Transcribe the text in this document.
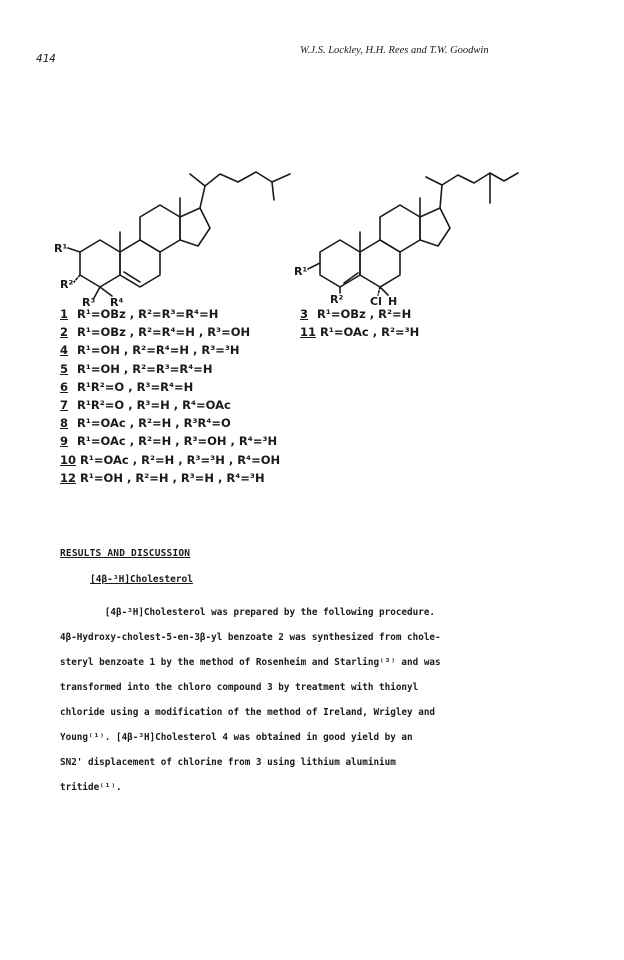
414
W.J.S. Lockley, H.H. Rees and T.W. Goodwin
R¹
R²
R³ R⁴
R¹
R² Cl H
1 R¹=OBz , R²=R³=R⁴=H
2 R¹=OBz , R²=R⁴=H , R³=OH
4 R¹=OH , R²=R⁴=H , R³=³H
5 R¹=OH , R²=R³=R⁴=H
6 R¹R²=O , R³=R⁴=H
7 R¹R²=O , R³=H , R⁴=OAc
8 R¹=OAc , R²=H , R³R⁴=O
9 R¹=OAc , R²=H , R³=OH , R⁴=³H
10 R¹=OAc , R²=H , R³=³H , R⁴=OH
12 R¹=OH , R²=H , R³=H , R⁴=³H
3 R¹=OBz , R²=H
11 R¹=OAc , R²=³H
RESULTS AND DISCUSSION
[4β-³H]Cholesterol

[4β-³H]Cholesterol was prepared by the following procedure.
4β-Hydroxy-cholest-5-en-3β-yl benzoate 2 was synthesized from chole-
steryl benzoate 1 by the method of Rosenheim and Starling⁽³⁾ and was
transformed into the chloro compound 3 by treatment with thionyl
chloride using a modification of the method of Ireland, Wrigley and
Young⁽¹⁾. [4β-³H]Cholesterol 4 was obtained in good yield by an
SN2' displacement of chlorine from 3 using lithium aluminium
tritide⁽¹⁾.
